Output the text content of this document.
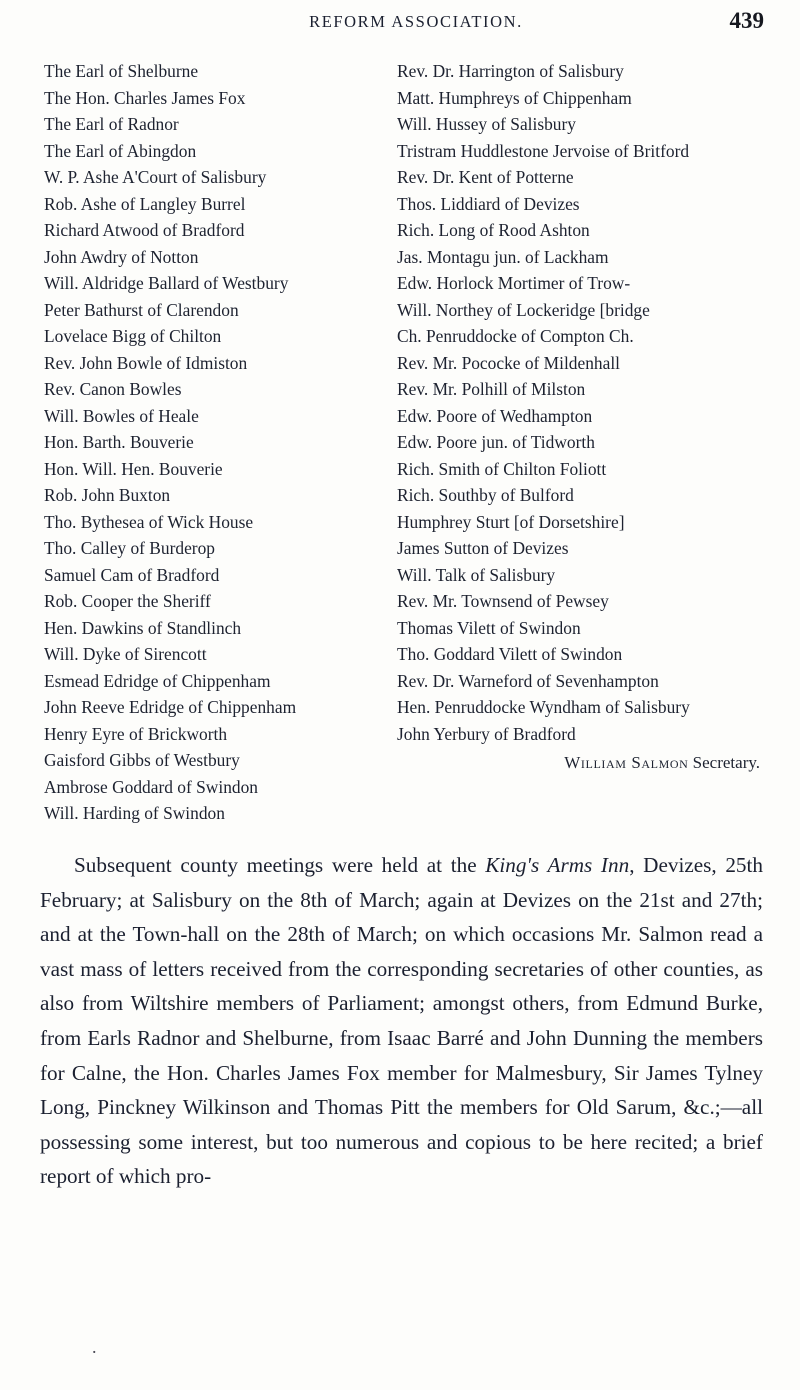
REFORM ASSOCIATION.	439
The Earl of Shelburne
The Hon. Charles James Fox
The Earl of Radnor
The Earl of Abingdon
W. P. Ashe A'Court of Salisbury
Rob. Ashe of Langley Burrel
Richard Atwood of Bradford
John Awdry of Notton
Will. Aldridge Ballard of Westbury
Peter Bathurst of Clarendon
Lovelace Bigg of Chilton
Rev. John Bowle of Idmiston
Rev. Canon Bowles
Will. Bowles of Heale
Hon. Barth. Bouverie
Hon. Will. Hen. Bouverie
Rob. John Buxton
Tho. Bythesea of Wick House
Tho. Calley of Burderop
Samuel Cam of Bradford
Rob. Cooper the Sheriff
Hen. Dawkins of Standlinch
Will. Dyke of Sirencott
Esmead Edridge of Chippenham
John Reeve Edridge of Chippenham
Henry Eyre of Brickworth
Gaisford Gibbs of Westbury
Ambrose Goddard of Swindon
Will. Harding of Swindon
Rev. Dr. Harrington of Salisbury
Matt. Humphreys of Chippenham
Will. Hussey of Salisbury
Tristram Huddlestone Jervoise of Britford
Rev. Dr. Kent of Potterne
Thos. Liddiard of Devizes
Rich. Long of Rood Ashton
Jas. Montagu jun. of Lackham
Edw. Horlock Mortimer of Trow-
Will. Northey of Lockeridge [bridge
Ch. Penruddocke of Compton Ch.
Rev. Mr. Pococke of Mildenhall
Rev. Mr. Polhill of Milston
Edw. Poore of Wedhampton
Edw. Poore jun. of Tidworth
Rich. Smith of Chilton Foliott
Rich. Southby of Bulford
Humphrey Sturt [of Dorsetshire]
James Sutton of Devizes
Will. Talk of Salisbury
Rev. Mr. Townsend of Pewsey
Thomas Vilett of Swindon
Tho. Goddard Vilett of Swindon
Rev. Dr. Warneford of Sevenhampton
Hen. Penruddocke Wyndham of Salisbury
John Yerbury of Bradford
William Salmon Secretary.

Subsequent county meetings were held at the King's Arms Inn, Devizes, 25th February; at Salisbury on the 8th of March; again at Devizes on the 21st and 27th; and at the Town-hall on the 28th of March; on which occasions Mr. Salmon read a vast mass of letters received from the corresponding secretaries of other counties, as also from Wiltshire members of Parliament; amongst others, from Edmund Burke, from Earls Radnor and Shelburne, from Isaac Barré and John Dunning the members for Calne, the Hon. Charles James Fox member for Malmesbury, Sir James Tylney Long, Pinckney Wilkinson and Thomas Pitt the members for Old Sarum, &c.;—all possessing some interest, but too numerous and copious to be here recited; a brief report of which pro-

.
